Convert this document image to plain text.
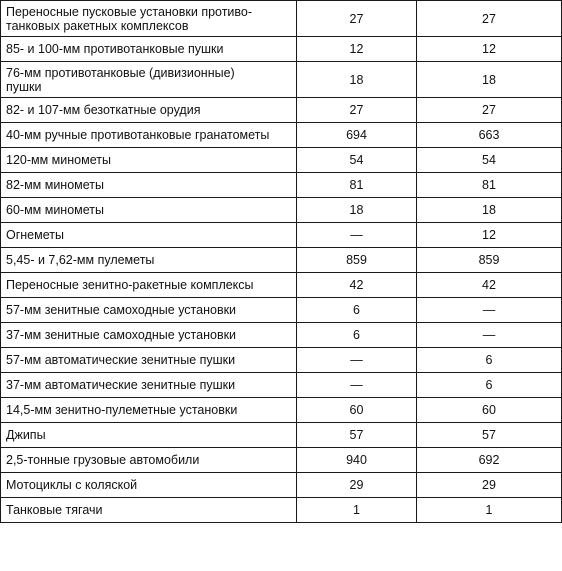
Переносные пусковые установки противо-
танковых ракетных комплексов	27	27

85- и 100-мм противотанковые пушки	12	12

76-мм противотанковые (дивизионные)
пушки	18	18

82- и 107-мм безоткатные орудия	27	27

40-мм ручные противотанковые гранатометы	694	663

120-мм минометы	54	54

82-мм минометы	81	81

60-мм минометы	18	18

Огнеметы	—	12

5,45- и 7,62-мм пулеметы	859	859

Переносные зенитно-ракетные комплексы	42	42

57-мм зенитные самоходные установки	6	—

37-мм зенитные самоходные установки	6	—

57-мм автоматические зенитные пушки	—	6

37-мм автоматические зенитные пушки	—	6

14,5-мм зенитно-пулеметные установки	60	60

Джипы	57	57

2,5-тонные грузовые автомобили	940	692

Мотоциклы с коляской	29	29

Танковые тягачи	1	1
